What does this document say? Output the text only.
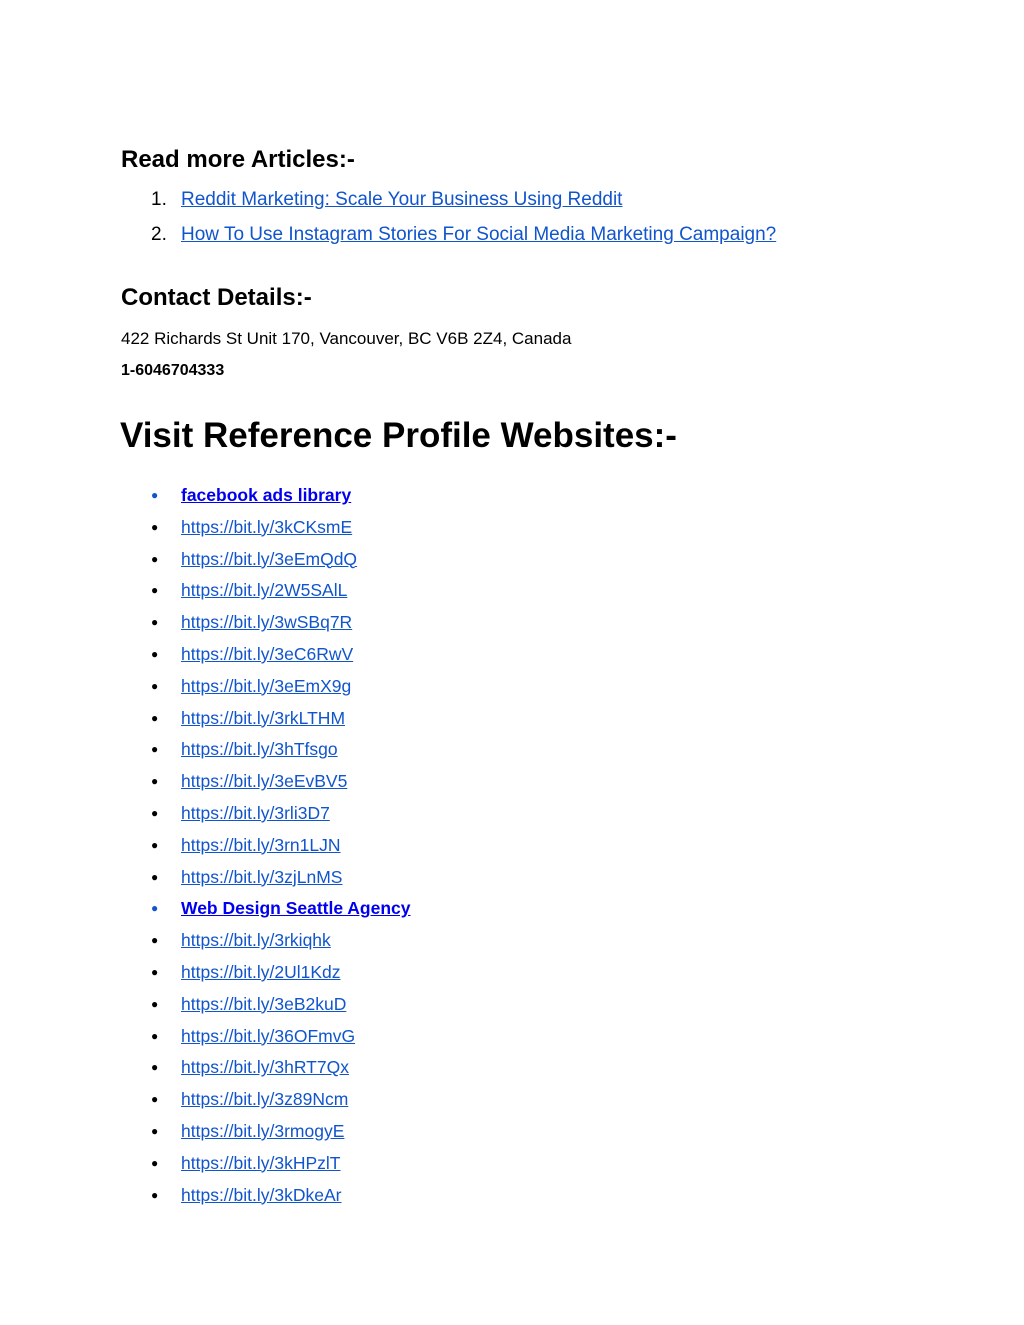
Read more Articles:-
1. Reddit Marketing: Scale Your Business Using Reddit
2. How To Use Instagram Stories For Social Media Marketing Campaign?
Contact Details:-
422 Richards St Unit 170, Vancouver, BC V6B 2Z4, Canada
1-6046704333
Visit Reference Profile Websites:-
● facebook ads library
● https://bit.ly/3kCKsmE
● https://bit.ly/3eEmQdQ
● https://bit.ly/2W5SAlL
● https://bit.ly/3wSBq7R
● https://bit.ly/3eC6RwV
● https://bit.ly/3eEmX9g
● https://bit.ly/3rkLTHM
● https://bit.ly/3hTfsgo
● https://bit.ly/3eEvBV5
● https://bit.ly/3rli3D7
● https://bit.ly/3rn1LJN
● https://bit.ly/3zjLnMS
● Web Design Seattle Agency
● https://bit.ly/3rkiqhk
● https://bit.ly/2Ul1Kdz
● https://bit.ly/3eB2kuD
● https://bit.ly/36OFmvG
● https://bit.ly/3hRT7Qx
● https://bit.ly/3z89Ncm
● https://bit.ly/3rmogyE
● https://bit.ly/3kHPzlT
● https://bit.ly/3kDkeAr
